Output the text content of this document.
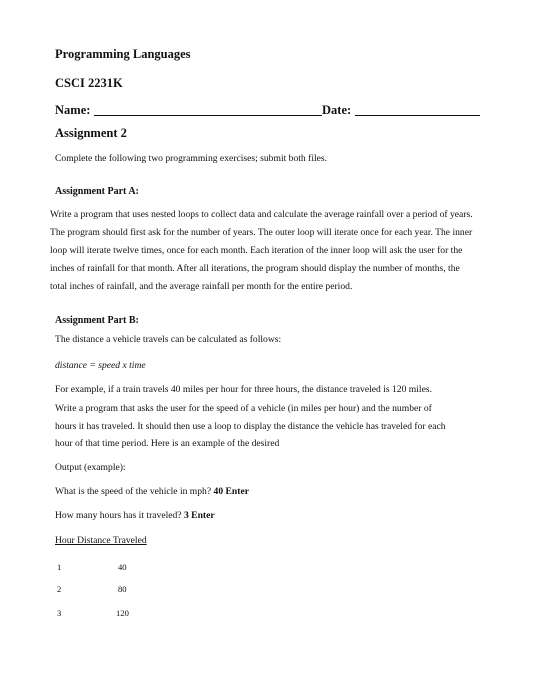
Programming Languages
CSCI 2231K
Name:	Date:
Assignment 2
Complete the following two programming exercises; submit both files.
Assignment Part A:
Write a program that uses nested loops to collect data and calculate the average rainfall over a period of years.
The program should first ask for the number of years. The outer loop will iterate once for each year. The inner
loop will iterate twelve times, once for each month. Each iteration of the inner loop will ask the user for the
inches of rainfall for that month. After all iterations, the program should display the number of months, the
total inches of rainfall, and the average rainfall per month for the entire period.
Assignment Part B:
The distance a vehicle travels can be calculated as follows:
distance = speed x time
For example, if a train travels 40 miles per hour for three hours, the distance traveled is 120 miles.
Write a program that asks the user for the speed of a vehicle (in miles per hour) and the number of
hours it has traveled. It should then use a loop to display the distance the vehicle has traveled for each
hour of that time period. Here is an example of the desired
Output (example):
What is the speed of the vehicle in mph? 40 Enter
How many hours has it traveled? 3 Enter
Hour Distance Traveled
1	40
2	80
3	120
